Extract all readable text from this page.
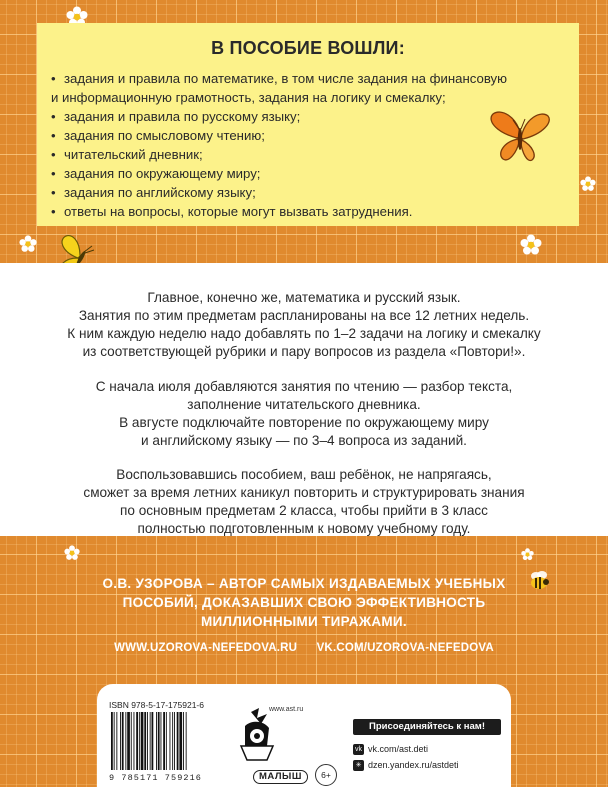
В ПОСОБИЕ ВОШЛИ:
• задания и правила по математике, в том числе задания на финансовую
и информационную грамотность, задания на логику и смекалку;
• задания и правила по русскому языку;
• задания по смысловому чтению;
• читательский дневник;
• задания по окружающему миру;
• задания по английскому языку;
• ответы на вопросы, которые могут вызвать затруднения.
Главное, конечно же, математика и русский язык.
Занятия по этим предметам распланированы на все 12 летних недель.
К ним каждую неделю надо добавлять по 1–2 задачи на логику и смекалку
из соответствующей рубрики и пару вопросов из раздела «Повтори!».
С начала июля добавляются занятия по чтению — разбор текста,
заполнение читательского дневника.
В августе подключайте повторение по окружающему миру
и английскому языку — по 3–4 вопроса из заданий.
Воспользовавшись пособием, ваш ребёнок, не напрягаясь,
сможет за время летних каникул повторить и структурировать знания
по основным предметам 2 класса, чтобы прийти в 3 класс
полностью подготовленным к новому учебному году.
О.В. УЗОРОВА – АВТОР САМЫХ ИЗДАВАЕМЫХ УЧЕБНЫХ
ПОСОБИЙ, ДОКАЗАВШИХ СВОЮ ЭФФЕКТИВНОСТЬ
МИЛЛИОННЫМИ ТИРАЖАМИ.
WWW.UZOROVA-NEFEDOVA.RU VK.COM/UZOROVA-NEFEDOVA
ISBN 978-5-17-175921-6
9 785171 759216
www.ast.ru
МАЛЫШ	6+
Присоединяйтесь к нам!
vk vk.com/ast.deti
✳ dzen.yandex.ru/astdeti
